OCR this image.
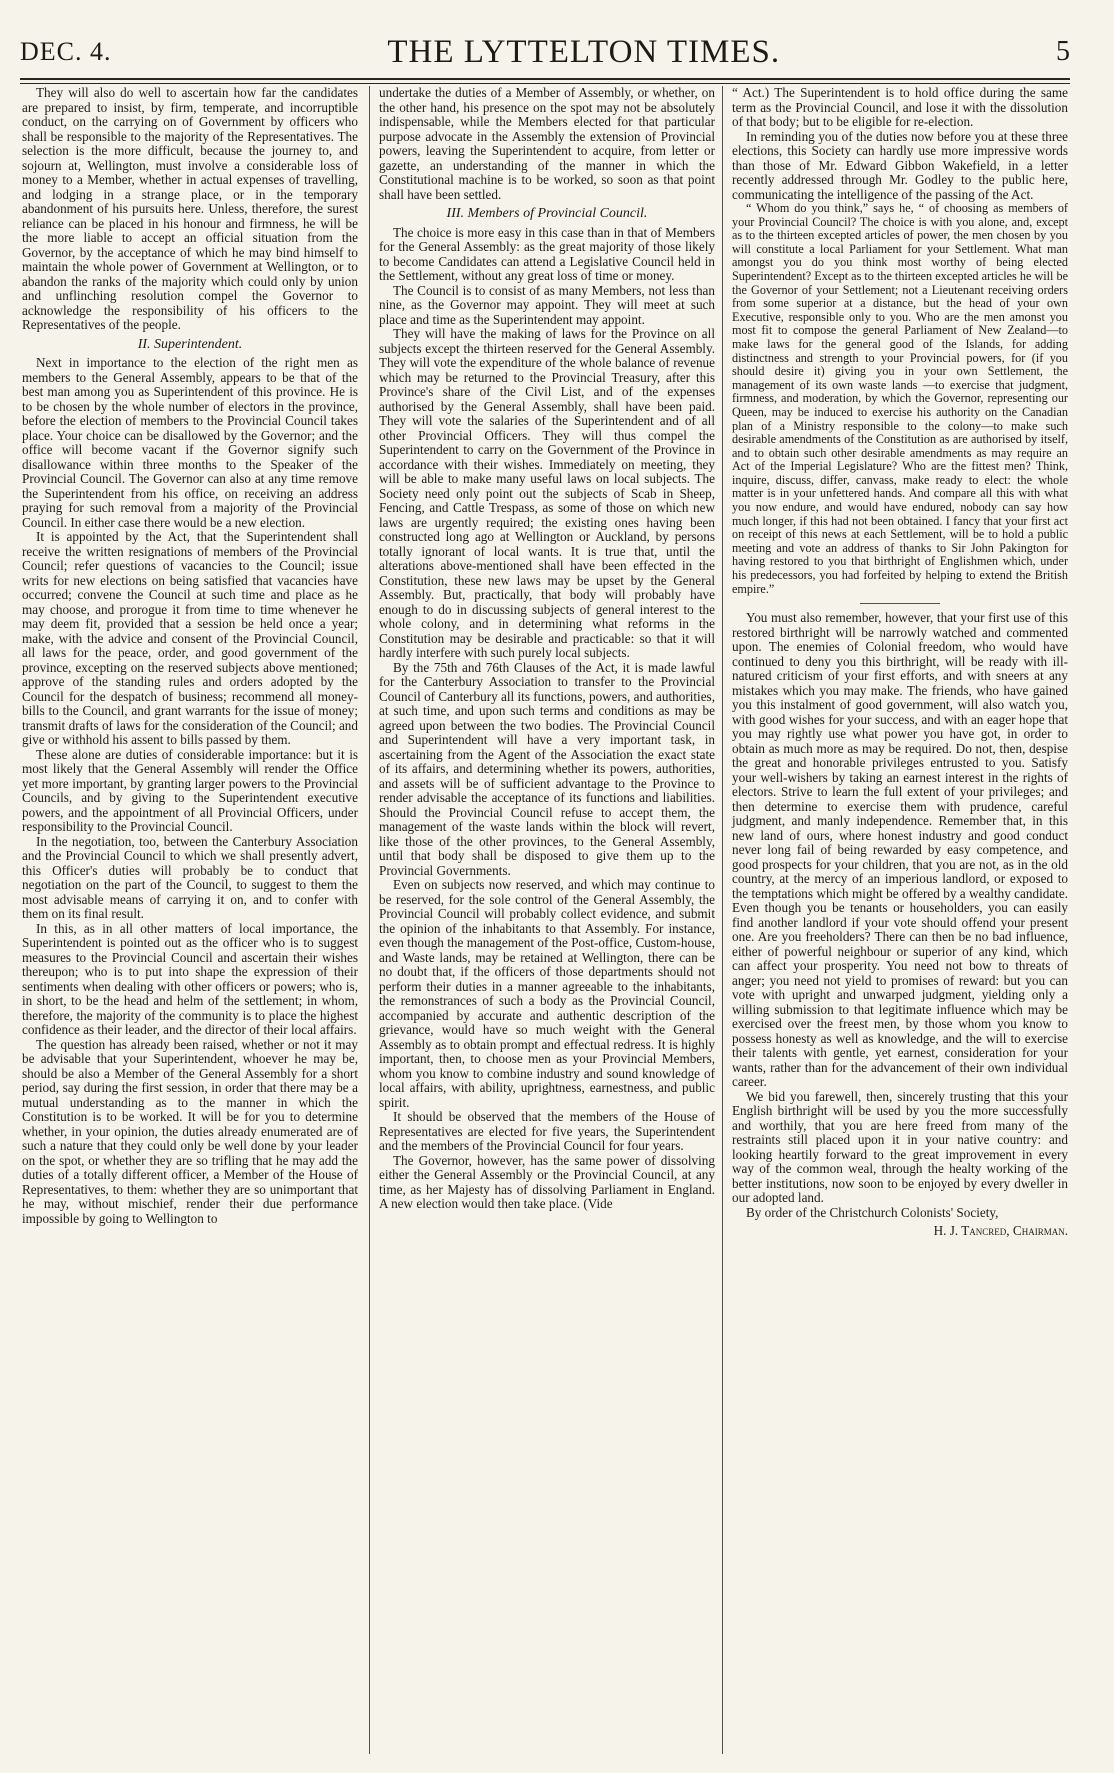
DEC. 4.	THE LYTTELTON TIMES.	5

They will also do well to ascertain how far the candidates are prepared to insist, by firm, temperate, and incorruptible conduct, on the carrying on of Government by officers who shall be responsible to the majority of the Representatives. The selection is the more difficult, because the journey to, and sojourn at, Wellington, must involve a considerable loss of money to a Member, whether in actual expenses of travelling, and lodging in a strange place, or in the temporary abandonment of his pursuits here. Unless, therefore, the surest reliance can be placed in his honour and firmness, he will be the more liable to accept an official situation from the Governor, by the acceptance of which he may bind himself to maintain the whole power of Government at Wellington, or to abandon the ranks of the majority which could only by union and unflinching resolution compel the Governor to acknowledge the responsibility of his officers to the Representatives of the people.

II. Superintendent.

Next in importance to the election of the right men as members to the General Assembly, appears to be that of the best man among you as Superintendent of this province. He is to be chosen by the whole number of electors in the province, before the election of members to the Provincial Council takes place. Your choice can be disallowed by the Governor; and the office will become vacant if the Governor signify such disallowance within three months to the Speaker of the Provincial Council. The Governor can also at any time remove the Superintendent from his office, on receiving an address praying for such removal from a majority of the Provincial Council. In either case there would be a new election.

It is appointed by the Act, that the Superintendent shall receive the written resignations of members of the Provincial Council; refer questions of vacancies to the Council; issue writs for new elections on being satisfied that vacancies have occurred; convene the Council at such time and place as he may choose, and prorogue it from time to time whenever he may deem fit, provided that a session be held once a year; make, with the advice and consent of the Provincial Council, all laws for the peace, order, and good government of the province, excepting on the reserved subjects above mentioned; approve of the standing rules and orders adopted by the Council for the despatch of business; recommend all money-bills to the Council, and grant warrants for the issue of money; transmit drafts of laws for the consideration of the Council; and give or withhold his assent to bills passed by them.

These alone are duties of considerable importance: but it is most likely that the General Assembly will render the Office yet more important, by granting larger powers to the Provincial Councils, and by giving to the Superintendent executive powers, and the appointment of all Provincial Officers, under responsibility to the Provincial Council.

In the negotiation, too, between the Canterbury Association and the Provincial Council to which we shall presently advert, this Officer's duties will probably be to conduct that negotiation on the part of the Council, to suggest to them the most advisable means of carrying it on, and to confer with them on its final result.

In this, as in all other matters of local importance, the Superintendent is pointed out as the officer who is to suggest measures to the Provincial Council and ascertain their wishes thereupon; who is to put into shape the expression of their sentiments when dealing with other officers or powers; who is, in short, to be the head and helm of the settlement; in whom, therefore, the majority of the community is to place the highest confidence as their leader, and the director of their local affairs.

The question has already been raised, whether or not it may be advisable that your Superintendent, whoever he may be, should be also a Member of the General Assembly for a short period, say during the first session, in order that there may be a mutual understanding as to the manner in which the Constitution is to be worked. It will be for you to determine whether, in your opinion, the duties already enumerated are of such a nature that they could only be well done by your leader on the spot, or whether they are so trifling that he may add the duties of a totally different officer, a Member of the House of Representatives, to them: whether they are so unimportant that he may, without mischief, render their due performance impossible by going to Wellington to

undertake the duties of a Member of Assembly, or whether, on the other hand, his presence on the spot may not be absolutely indispensable, while the Members elected for that particular purpose advocate in the Assembly the extension of Provincial powers, leaving the Superintendent to acquire, from letter or gazette, an understanding of the manner in which the Constitutional machine is to be worked, so soon as that point shall have been settled.

III. Members of Provincial Council.

The choice is more easy in this case than in that of Members for the General Assembly: as the great majority of those likely to become Candidates can attend a Legislative Council held in the Settlement, without any great loss of time or money.

The Council is to consist of as many Members, not less than nine, as the Governor may appoint. They will meet at such place and time as the Superintendent may appoint.

They will have the making of laws for the Province on all subjects except the thirteen reserved for the General Assembly. They will vote the expenditure of the whole balance of revenue which may be returned to the Provincial Treasury, after this Province's share of the Civil List, and of the expenses authorised by the General Assembly, shall have been paid. They will vote the salaries of the Superintendent and of all other Provincial Officers. They will thus compel the Superintendent to carry on the Government of the Province in accordance with their wishes. Immediately on meeting, they will be able to make many useful laws on local subjects. The Society need only point out the subjects of Scab in Sheep, Fencing, and Cattle Trespass, as some of those on which new laws are urgently required; the existing ones having been constructed long ago at Wellington or Auckland, by persons totally ignorant of local wants. It is true that, until the alterations above-mentioned shall have been effected in the Constitution, these new laws may be upset by the General Assembly. But, practically, that body will probably have enough to do in discussing subjects of general interest to the whole colony, and in determining what reforms in the Constitution may be desirable and practicable: so that it will hardly interfere with such purely local subjects.

By the 75th and 76th Clauses of the Act, it is made lawful for the Canterbury Association to transfer to the Provincial Council of Canterbury all its functions, powers, and authorities, at such time, and upon such terms and conditions as may be agreed upon between the two bodies. The Provincial Council and Superintendent will have a very important task, in ascertaining from the Agent of the Association the exact state of its affairs, and determining whether its powers, authorities, and assets will be of sufficient advantage to the Province to render advisable the acceptance of its functions and liabilities. Should the Provincial Council refuse to accept them, the management of the waste lands within the block will revert, like those of the other provinces, to the General Assembly, until that body shall be disposed to give them up to the Provincial Governments.

Even on subjects now reserved, and which may continue to be reserved, for the sole control of the General Assembly, the Provincial Council will probably collect evidence, and submit the opinion of the inhabitants to that Assembly. For instance, even though the management of the Post-office, Custom-house, and Waste lands, may be retained at Wellington, there can be no doubt that, if the officers of those departments should not perform their duties in a manner agreeable to the inhabitants, the remonstrances of such a body as the Provincial Council, accompanied by accurate and authentic description of the grievance, would have so much weight with the General Assembly as to obtain prompt and effectual redress. It is highly important, then, to choose men as your Provincial Members, whom you know to combine industry and sound knowledge of local affairs, with ability, uprightness, earnestness, and public spirit.

It should be observed that the members of the House of Representatives are elected for five years, the Superintendent and the members of the Provincial Council for four years.

The Governor, however, has the same power of dissolving either the General Assembly or the Provincial Council, at any time, as her Majesty has of dissolving Parliament in England. A new election would then take place. (Vide

“ Act.) The Superintendent is to hold office during the same term as the Provincial Council, and lose it with the dissolution of that body; but to be eligible for re-election.

In reminding you of the duties now before you at these three elections, this Society can hardly use more impressive words than those of Mr. Edward Gibbon Wakefield, in a letter recently addressed through Mr. Godley to the public here, communicating the intelligence of the passing of the Act.

“ Whom do you think,” says he, “ of choosing as members of your Provincial Council? The choice is with you alone, and, except as to the thirteen excepted articles of power, the men chosen by you will constitute a local Parliament for your Settlement. What man amongst you do you think most worthy of being elected Superintendent? Except as to the thirteen excepted articles he will be the Governor of your Settlement; not a Lieutenant receiving orders from some superior at a distance, but the head of your own Executive, responsible only to you. Who are the men amonst you most fit to compose the general Parliament of New Zealand—to make laws for the general good of the Islands, for adding distinctness and strength to your Provincial powers, for (if you should desire it) giving you in your own Settlement, the management of its own waste lands —to exercise that judgment, firmness, and moderation, by which the Governor, representing our Queen, may be induced to exercise his authority on the Canadian plan of a Ministry responsible to the colony—to make such desirable amendments of the Constitution as are authorised by itself, and to obtain such other desirable amendments as may require an Act of the Imperial Legislature? Who are the fittest men? Think, inquire, discuss, differ, canvass, make ready to elect: the whole matter is in your unfettered hands. And compare all this with what you now endure, and would have endured, nobody can say how much longer, if this had not been obtained. I fancy that your first act on receipt of this news at each Settlement, will be to hold a public meeting and vote an address of thanks to Sir John Pakington for having restored to you that birthright of Englishmen which, under his predecessors, you had forfeited by helping to extend the British empire.”

You must also remember, however, that your first use of this restored birthright will be narrowly watched and commented upon. The enemies of Colonial freedom, who would have continued to deny you this birthright, will be ready with ill-natured criticism of your first efforts, and with sneers at any mistakes which you may make. The friends, who have gained you this instalment of good government, will also watch you, with good wishes for your success, and with an eager hope that you may rightly use what power you have got, in order to obtain as much more as may be required. Do not, then, despise the great and honorable privileges entrusted to you. Satisfy your well-wishers by taking an earnest interest in the rights of electors. Strive to learn the full extent of your privileges; and then determine to exercise them with prudence, careful judgment, and manly independence. Remember that, in this new land of ours, where honest industry and good conduct never long fail of being rewarded by easy competence, and good prospects for your children, that you are not, as in the old country, at the mercy of an imperious landlord, or exposed to the temptations which might be offered by a wealthy candidate. Even though you be tenants or householders, you can easily find another landlord if your vote should offend your present one. Are you freeholders? There can then be no bad influence, either of powerful neighbour or superior of any kind, which can affect your prosperity. You need not bow to threats of anger; you need not yield to promises of reward: but you can vote with upright and unwarped judgment, yielding only a willing submission to that legitimate influence which may be exercised over the freest men, by those whom you know to possess honesty as well as knowledge, and the will to exercise their talents with gentle, yet earnest, consideration for your wants, rather than for the advancement of their own individual career.

We bid you farewell, then, sincerely trusting that this your English birthright will be used by you the more successfully and worthily, that you are here freed from many of the restraints still placed upon it in your native country: and looking heartily forward to the great improvement in every way of the common weal, through the healty working of the better institutions, now soon to be enjoyed by every dweller in our adopted land.

By order of the Christchurch Colonists' Society,

H. J. Tancred, Chairman.
